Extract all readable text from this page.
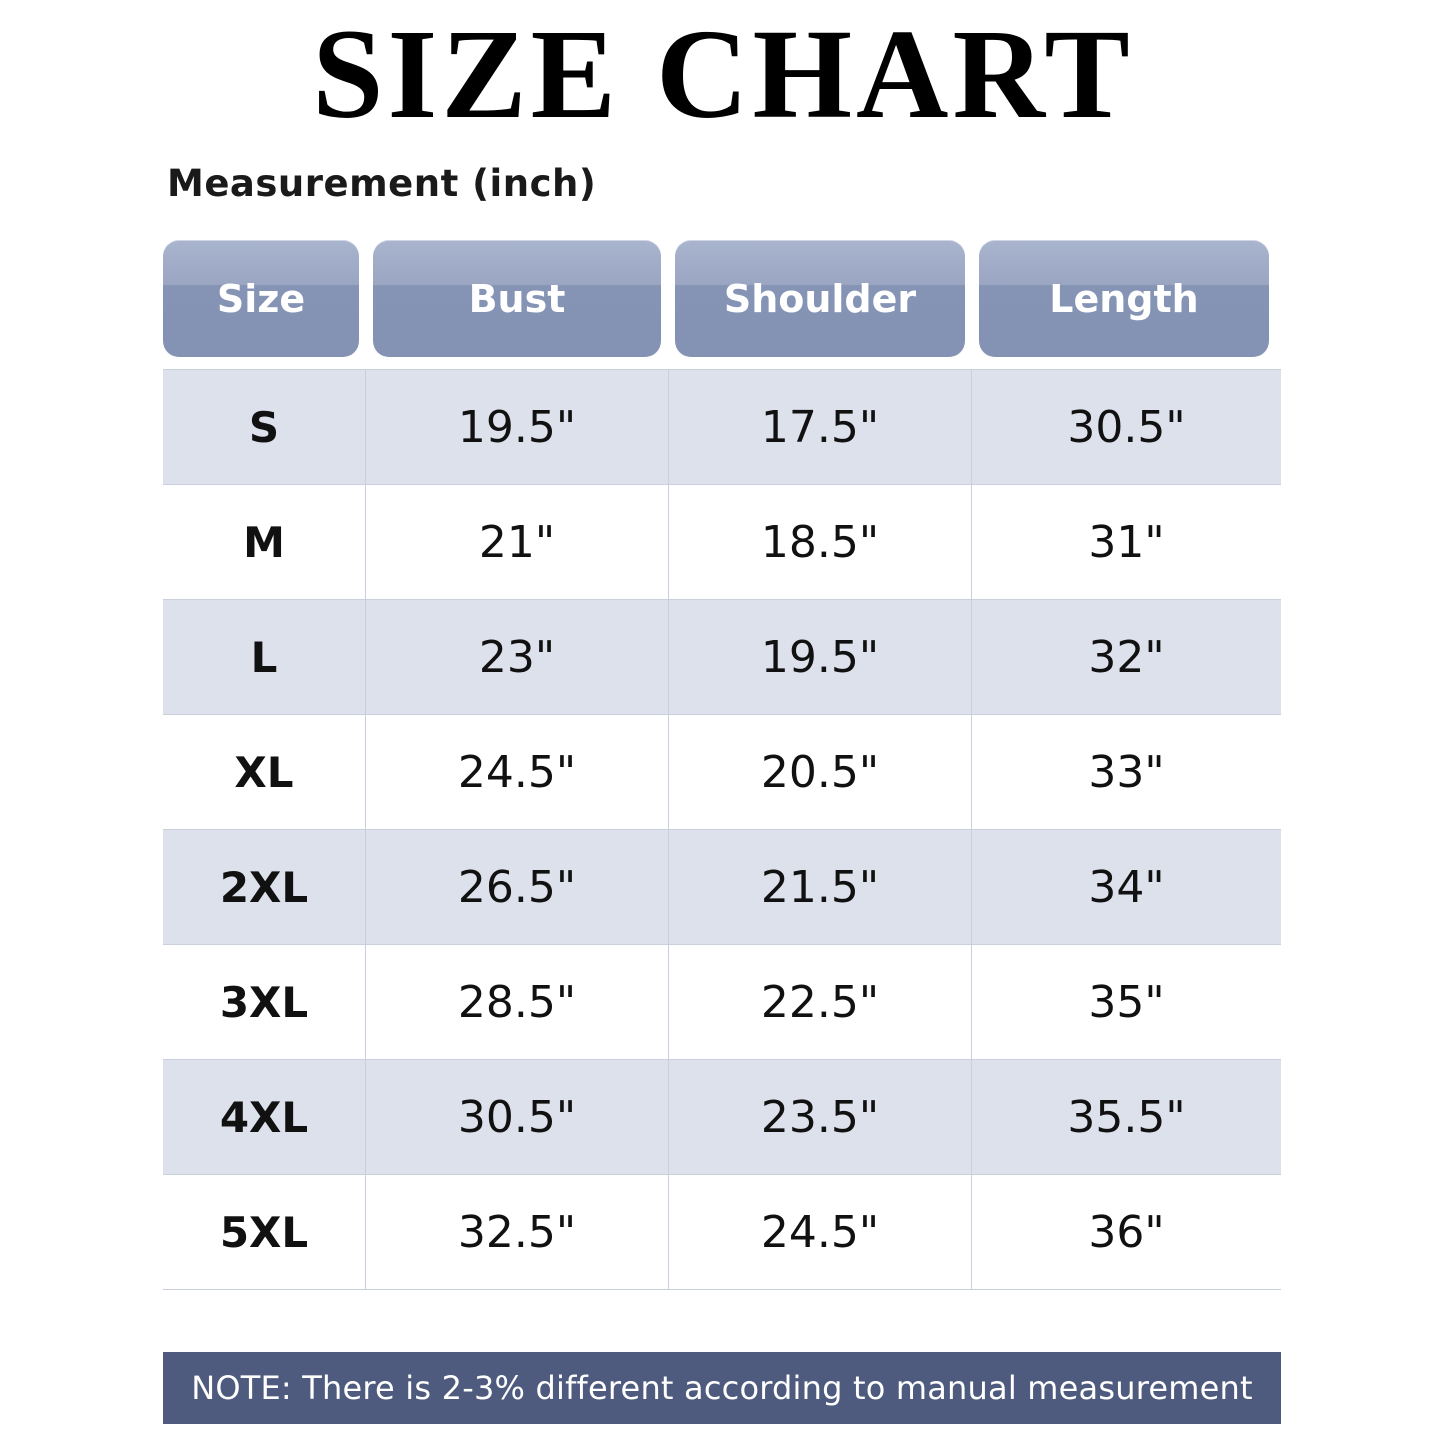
SIZE CHART
Measurement (inch)
Size	Bust	Shoulder	Length
S	19.5"	17.5"	30.5"
M	21"	18.5"	31"
L	23"	19.5"	32"
XL	24.5"	20.5"	33"
2XL	26.5"	21.5"	34"
3XL	28.5"	22.5"	35"
4XL	30.5"	23.5"	35.5"
5XL	32.5"	24.5"	36"
NOTE: There is 2-3% different according to manual measurement
